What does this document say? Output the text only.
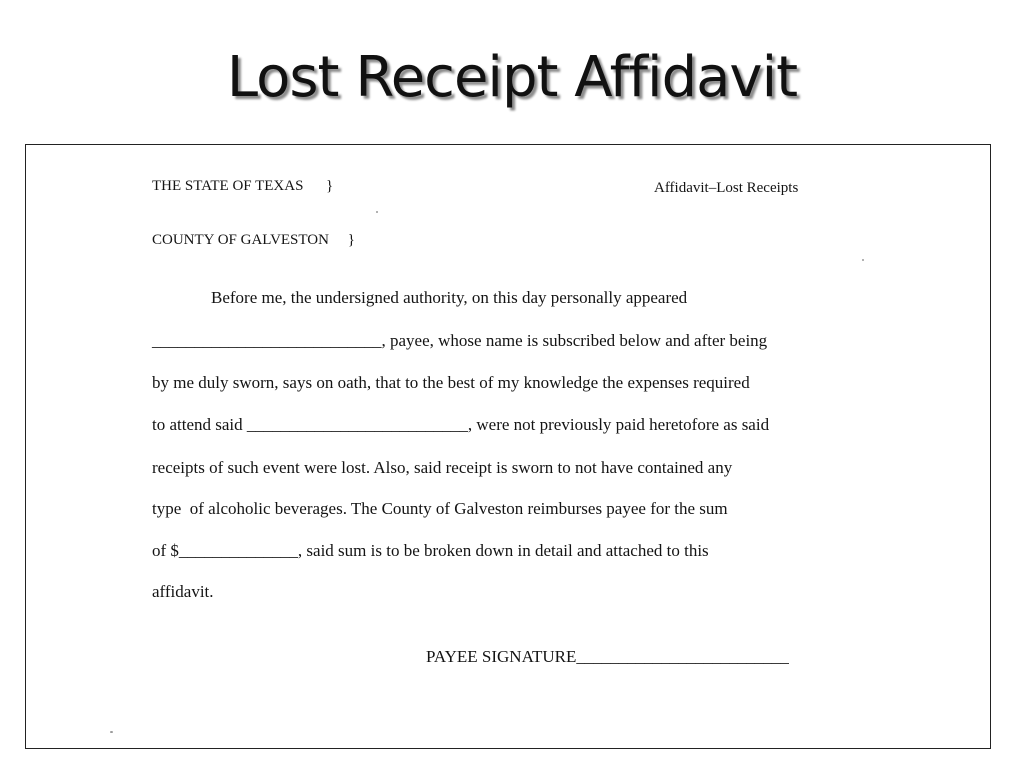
Lost Receipt Affidavit
THE STATE OF TEXAS      }	Affidavit–Lost Receipts
COUNTY OF GALVESTON     }
Before me, the undersigned authority, on this day personally appeared
___________________________, payee, whose name is subscribed below and after being
by me duly sworn, says on oath, that to the best of my knowledge the expenses required
to attend said __________________________, were not previously paid heretofore as said
receipts of such event were lost. Also, said receipt is sworn to not have contained any
type  of alcoholic beverages. The County of Galveston reimburses payee for the sum
of $______________, said sum is to be broken down in detail and attached to this
affidavit.
PAYEE SIGNATURE_________________________
